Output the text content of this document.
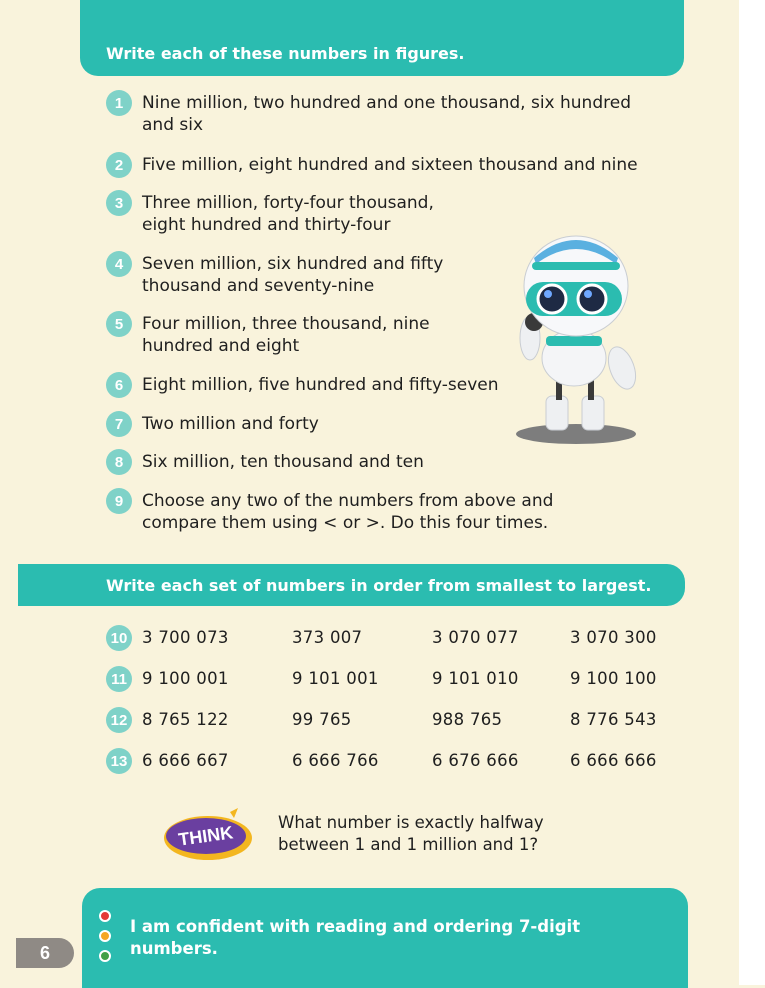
Write each of these numbers in figures.
1	Nine million, two hundred and one thousand, six hundred and six
2	Five million, eight hundred and sixteen thousand and nine
3	Three million, forty-four thousand, eight hundred and thirty-four
4	Seven million, six hundred and fifty thousand and seventy-nine
5	Four million, three thousand, nine hundred and eight
6	Eight million, five hundred and fifty-seven
7	Two million and forty
8	Six million, ten thousand and ten
9	Choose any two of the numbers from above and compare them using < or >. Do this four times.
Write each set of numbers in order from smallest to largest.
10 3 700 073	373 007	3 070 077	3 070 300
11 9 100 001	9 101 001	9 101 010	9 100 100
12 8 765 122	99 765	988 765	8 776 543
13 6 666 667	6 666 766	6 676 666	6 666 666
THINK	What number is exactly halfway between 1 and 1 million and 1?
I am confident with reading and ordering 7-digit numbers.
6
